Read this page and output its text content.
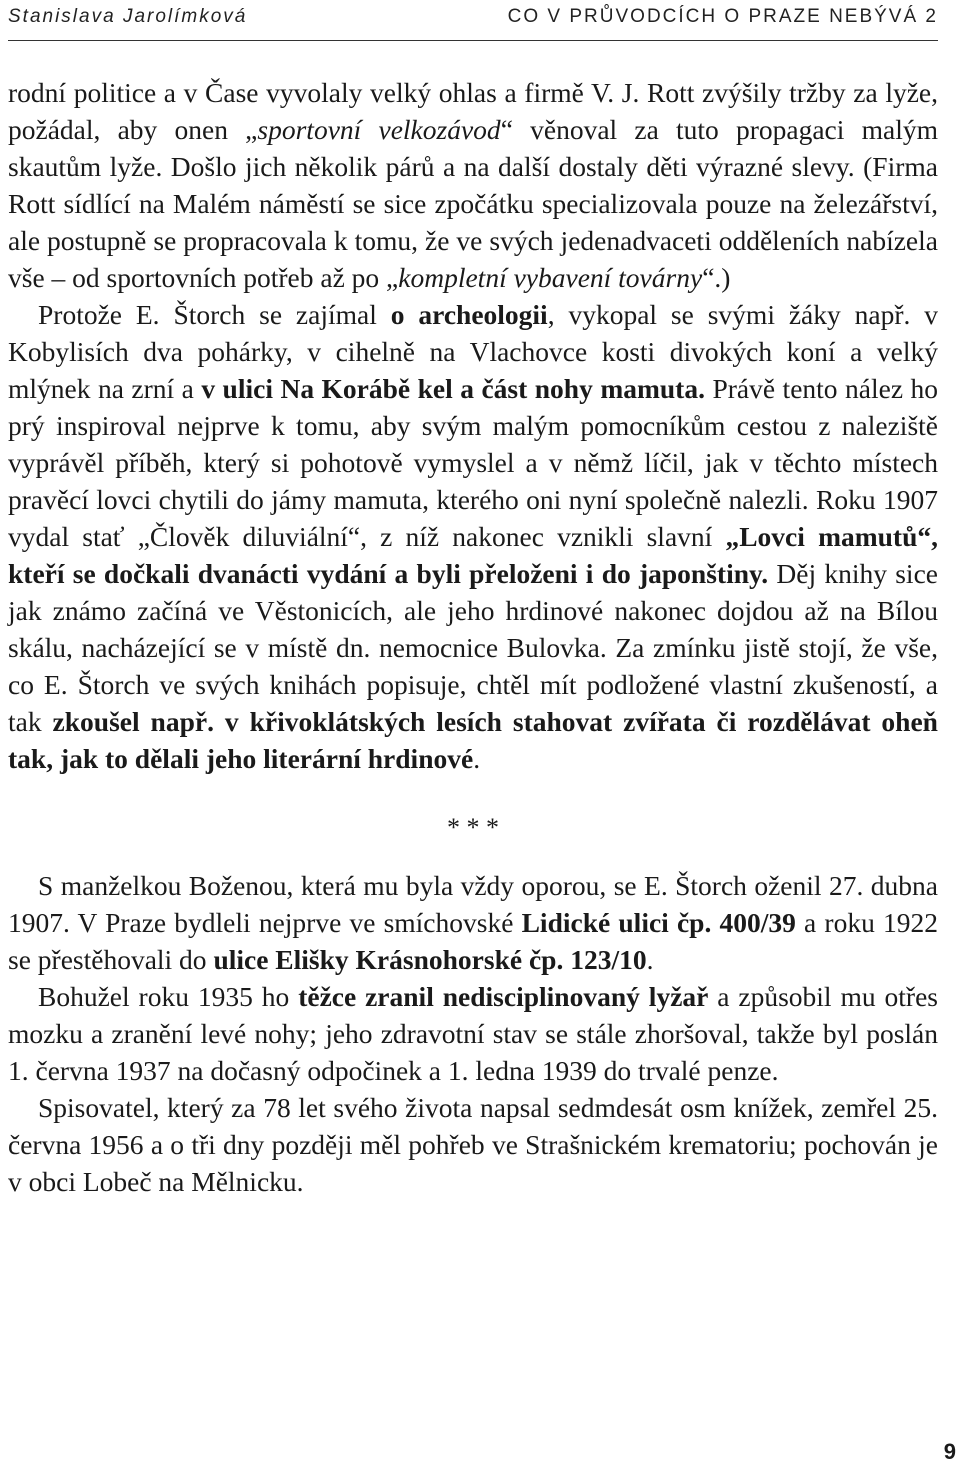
Stanislava Jarolímková	CO V PRŮVODCÍCH O PRAZE NEBÝVÁ 2

rodní politice a v Čase vyvolaly velký ohlas a firmě V. J. Rott zvýšily tržby za lyže, požádal, aby onen „sportovní velkozávod“ věnoval za tuto propagaci malým skautům lyže. Došlo jich několik párů a na další dostaly děti výrazné slevy. (Firma Rott sídlící na Malém náměstí se sice zpočátku specializovala pouze na železářství, ale postupně se propracovala k tomu, že ve svých jedenadvaceti odděleních nabízela vše – od sportovních potřeb až po „kompletní vybavení továrny“.)

Protože E. Štorch se zajímal o archeologii, vykopal se svými žáky např. v Kobylisích dva pohárky, v cihelně na Vlachovce kosti divokých koní a velký mlýnek na zrní a v ulici Na Korábě kel a část nohy mamuta. Právě tento nález ho prý inspiroval nejprve k tomu, aby svým malým pomocníkům cestou z naleziště vyprávěl příběh, který si pohotově vymyslel a v němž líčil, jak v těchto místech pravěcí lovci chytili do jámy mamuta, kterého oni nyní společně nalezli. Roku 1907 vydal stať „Člověk diluviální“, z níž nakonec vznikli slavní „Lovci mamutů“, kteří se dočkali dvanácti vydání a byli přeloženi i do japonštiny. Děj knihy sice jak známo začíná ve Věstonicích, ale jeho hrdinové nakonec dojdou až na Bílou skálu, nacházející se v místě dn. nemocnice Bulovka. Za zmínku jistě stojí, že vše, co E. Štorch ve svých knihách popisuje, chtěl mít podložené vlastní zkušeností, a tak zkoušel např. v křivoklátských lesích stahovat zvířata či rozdělávat oheň tak, jak to dělali jeho literární hrdinové.

* * *

S manželkou Boženou, která mu byla vždy oporou, se E. Štorch oženil 27. dubna 1907. V Praze bydleli nejprve ve smíchovské Lidické ulici čp. 400/39 a roku 1922 se přestěhovali do ulice Elišky Krásnohorské čp. 123/10.

Bohužel roku 1935 ho těžce zranil nedisciplinovaný lyžař a způsobil mu otřes mozku a zranění levé nohy; jeho zdravotní stav se stále zhoršoval, takže byl poslán 1. června 1937 na dočasný odpočinek a 1. ledna 1939 do trvalé penze.

Spisovatel, který za 78 let svého života napsal sedmdesát osm knížek, zemřel 25. června 1956 a o tři dny později měl pohřeb ve Strašnickém krematoriu; pochován je v obci Lobeč na Mělnicku.

9
